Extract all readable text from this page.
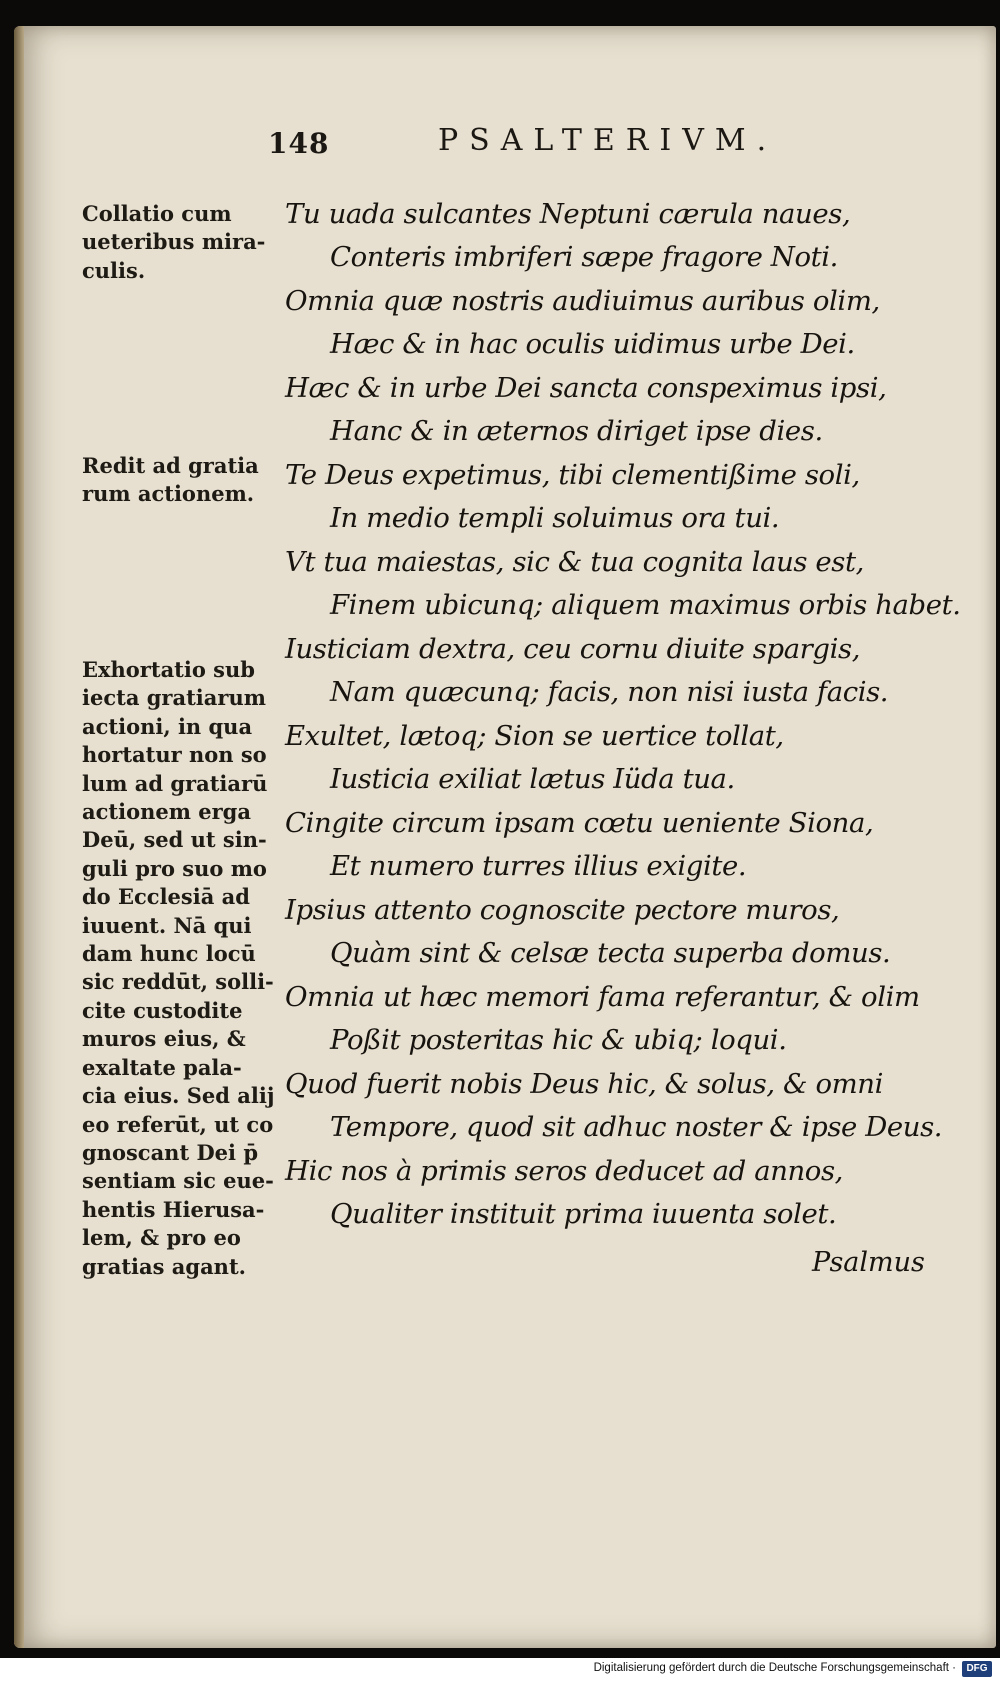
148	PSALTERIVM.
Collatio cum
ueteribus mira-
culis.
Redit ad gratia
rum actionem.
Exhortatio sub
iecta gratiarum
actioni, in qua
hortatur non so
lum ad gratiarū
actionem erga
Deū, sed ut sin-
guli pro suo mo
do Ecclesiā ad
iuuent. Nā qui
dam hunc locū
sic reddūt, solli-
cite custodite
muros eius, &
exaltate pala-
cia eius. Sed alij
eo referūt, ut co
gnoscant Dei p̄
sentiam sic eue-
hentis Hierusa-
lem, & pro eo
gratias agant.
Tu uada sulcantes Neptuni cærula naues,
Conteris imbriferi sæpe fragore Noti.
Omnia quæ nostris audiuimus auribus olim,
Hæc & in hac oculis uidimus urbe Dei.
Hæc & in urbe Dei sancta conspeximus ipsi,
Hanc & in æternos diriget ipse dies.
Te Deus expetimus, tibi clementißime soli,
In medio templi soluimus ora tui.
Vt tua maiestas, sic & tua cognita laus est,
Finem ubicunq; aliquem maximus orbis habet.
Iusticiam dextra, ceu cornu diuite spargis,
Nam quæcunq; facis, non nisi iusta facis.
Exultet, lætoq; Sion se uertice tollat,
Iusticia exiliat lætus Iüda tua.
Cingite circum ipsam cœtu ueniente Siona,
Et numero turres illius exigite.
Ipsius attento cognoscite pectore muros,
Quàm sint & celsæ tecta superba domus.
Omnia ut hæc memori fama referantur, & olim
Poßit posteritas hic & ubiq; loqui.
Quod fuerit nobis Deus hic, & solus, & omni
Tempore, quod sit adhuc noster & ipse Deus.
Hic nos à primis seros deducet ad annos,
Qualiter instituit prima iuuenta solet.
Psalmus
Digitalisierung gefördert durch die Deutsche Forschungsgemeinschaft ·	DFG
